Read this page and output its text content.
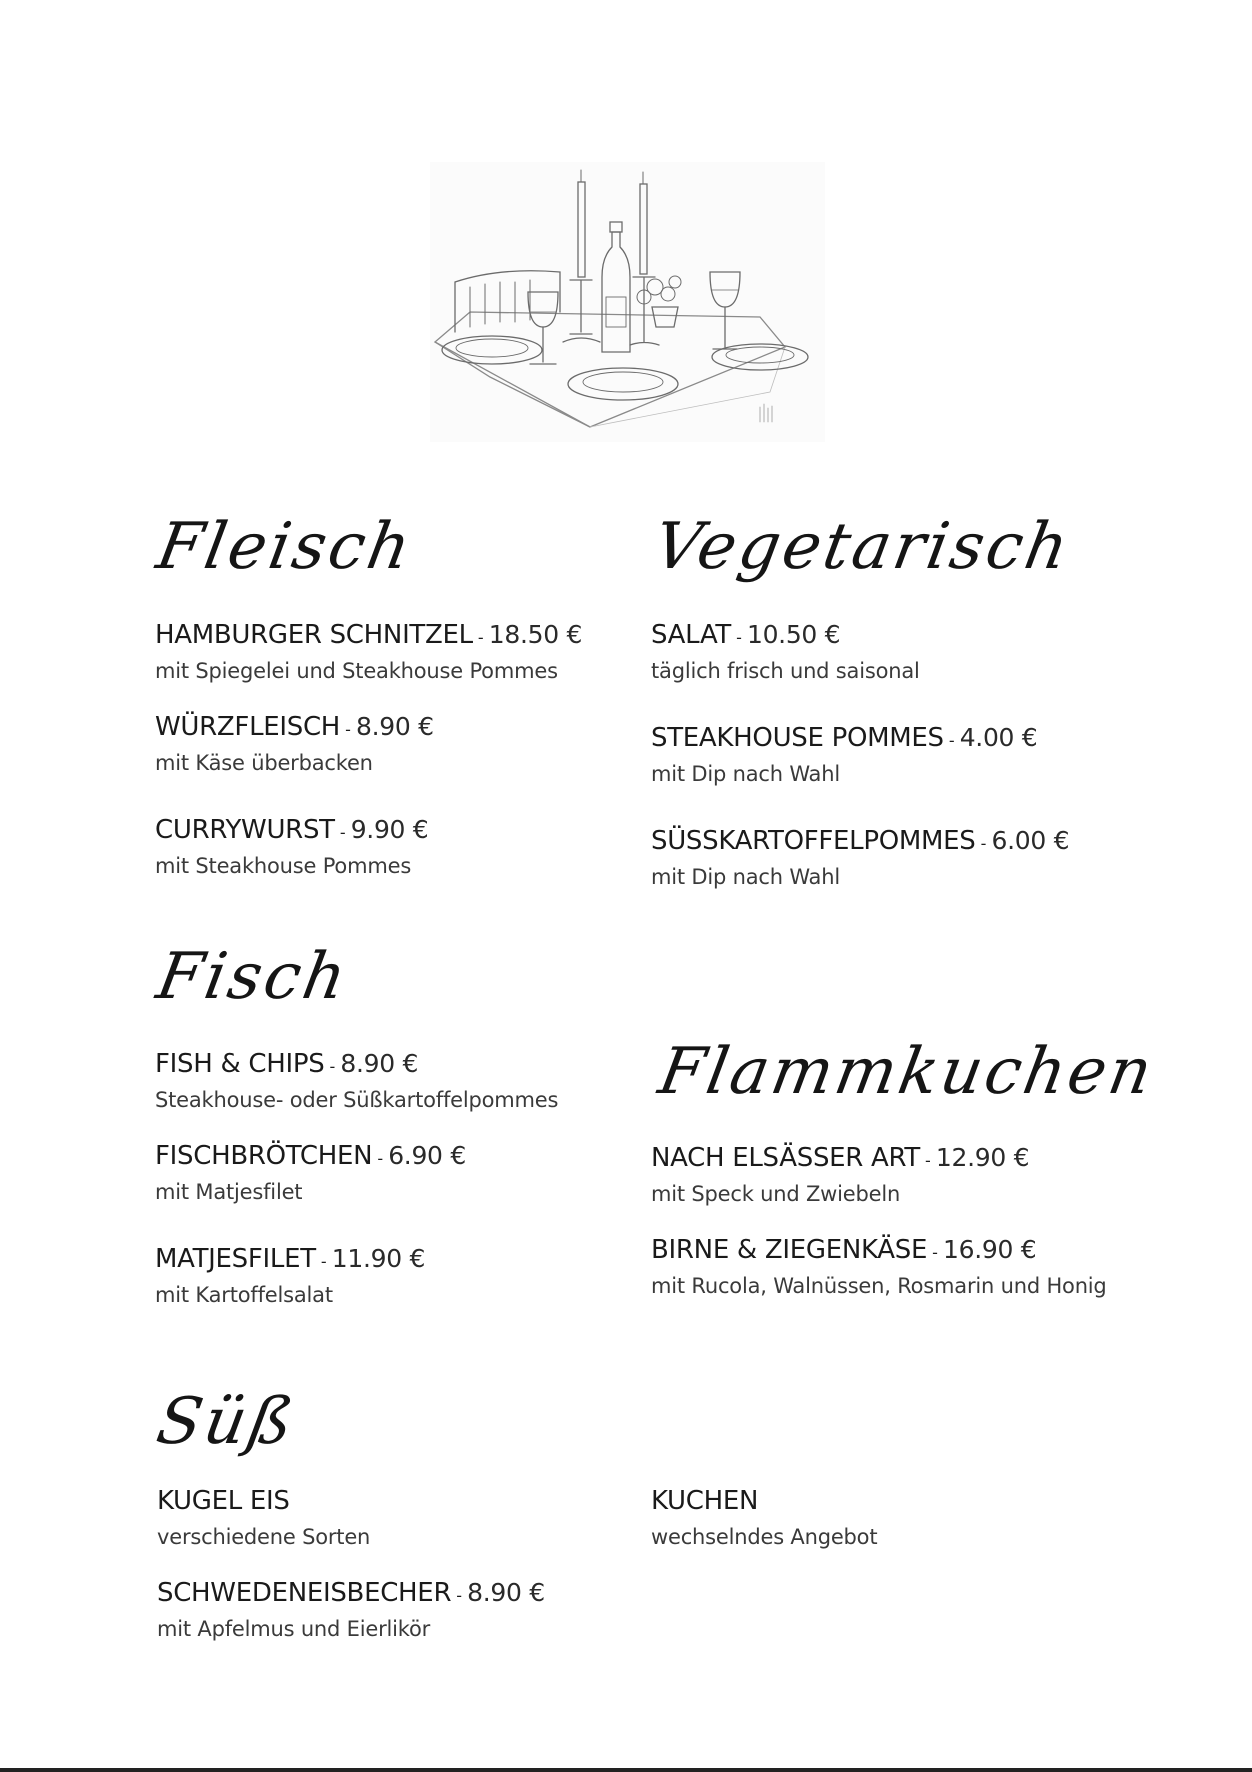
Fleisch

HAMBURGER SCHNITZEL - 18.50 €

mit Spiegelei und Steakhouse Pommes

WÜRZFLEISCH - 8.90 €

mit Käse überbacken

CURRYWURST - 9.90 €

mit Steakhouse Pommes

Vegetarisch

SALAT - 10.50 €

täglich frisch und saisonal

STEAKHOUSE POMMES - 4.00 €

mit Dip nach Wahl

SÜSSKARTOFFELPOMMES - 6.00 €

mit Dip nach Wahl

Fisch

FISH & CHIPS - 8.90 €

Steakhouse- oder Süßkartoffelpommes

FISCHBRÖTCHEN - 6.90 €

mit Matjesfilet

MATJESFILET - 11.90 €

mit Kartoffelsalat

Flammkuchen

NACH ELSÄSSER ART - 12.90 €

mit Speck und Zwiebeln

BIRNE & ZIEGENKÄSE - 16.90 €

mit Rucola, Walnüssen, Rosmarin und Honig

Süß

KUGEL EIS

verschiedene Sorten

KUCHEN

wechselndes Angebot

SCHWEDENEISBECHER - 8.90 €

mit Apfelmus und Eierlikör
